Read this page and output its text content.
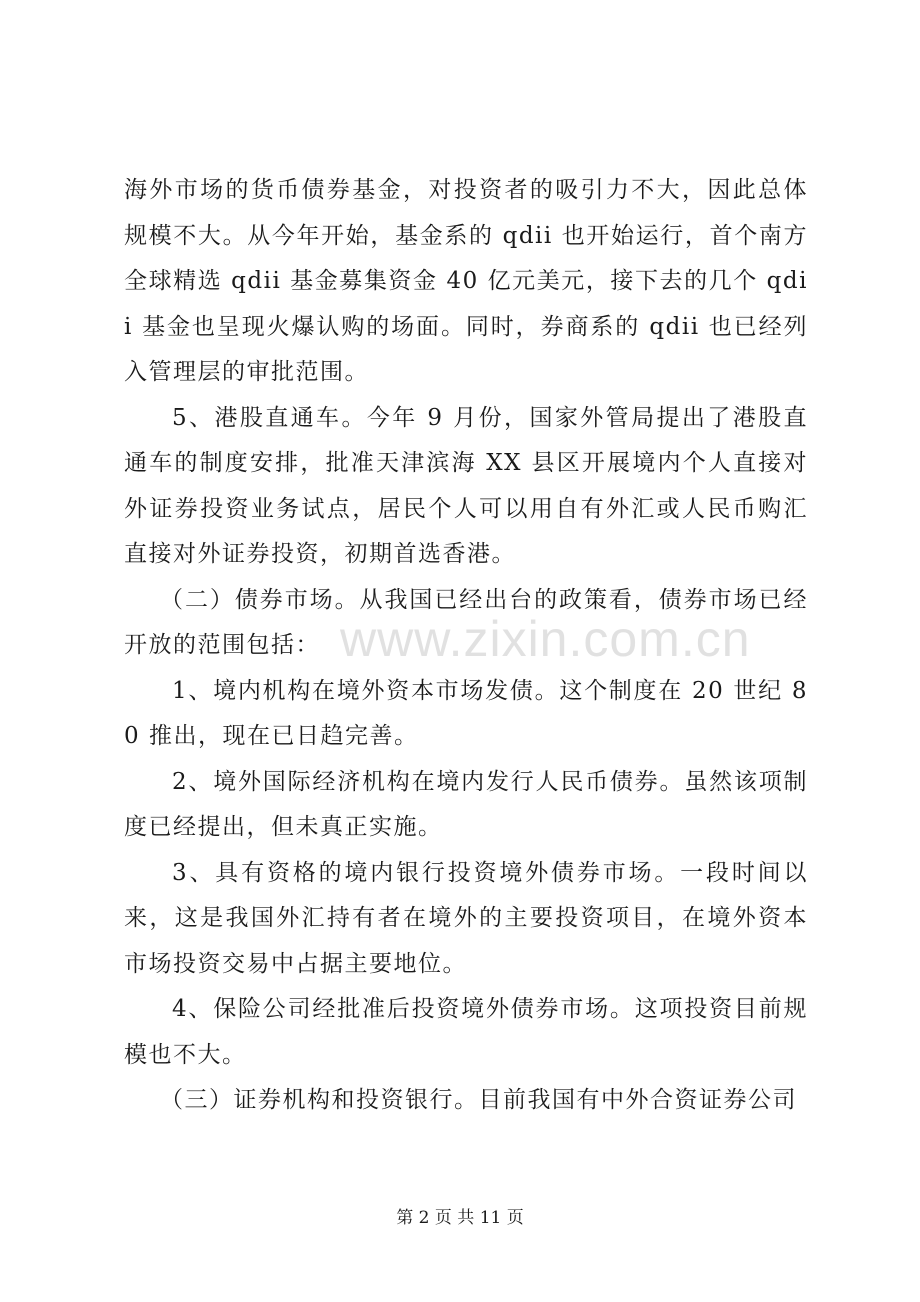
海外市场的货币债券基金，对投资者的吸引力不大，因此总体规模不大。从今年开始，基金系的 qdii 也开始运行，首个南方全球精选 qdii 基金募集资金 40 亿元美元，接下去的几个 qdii 基金也呈现火爆认购的场面。同时，券商系的 qdii 也已经列入管理层的审批范围。

5、港股直通车。今年 9 月份，国家外管局提出了港股直通车的制度安排，批准天津滨海 XX 县区开展境内个人直接对外证券投资业务试点，居民个人可以用自有外汇或人民币购汇直接对外证券投资，初期首选香港。

（二）债券市场。从我国已经出台的政策看，债券市场已经开放的范围包括：

1、境内机构在境外资本市场发债。这个制度在 20 世纪 80 推出，现在已日趋完善。

2、境外国际经济机构在境内发行人民币债券。虽然该项制度已经提出，但未真正实施。

3、具有资格的境内银行投资境外债券市场。一段时间以来，这是我国外汇持有者在境外的主要投资项目，在境外资本市场投资交易中占据主要地位。

4、保险公司经批准后投资境外债券市场。这项投资目前规模也不大。

（三）证券机构和投资银行。目前我国有中外合资证券公司

www.zixin.com.cn
第 2 页 共 11 页
